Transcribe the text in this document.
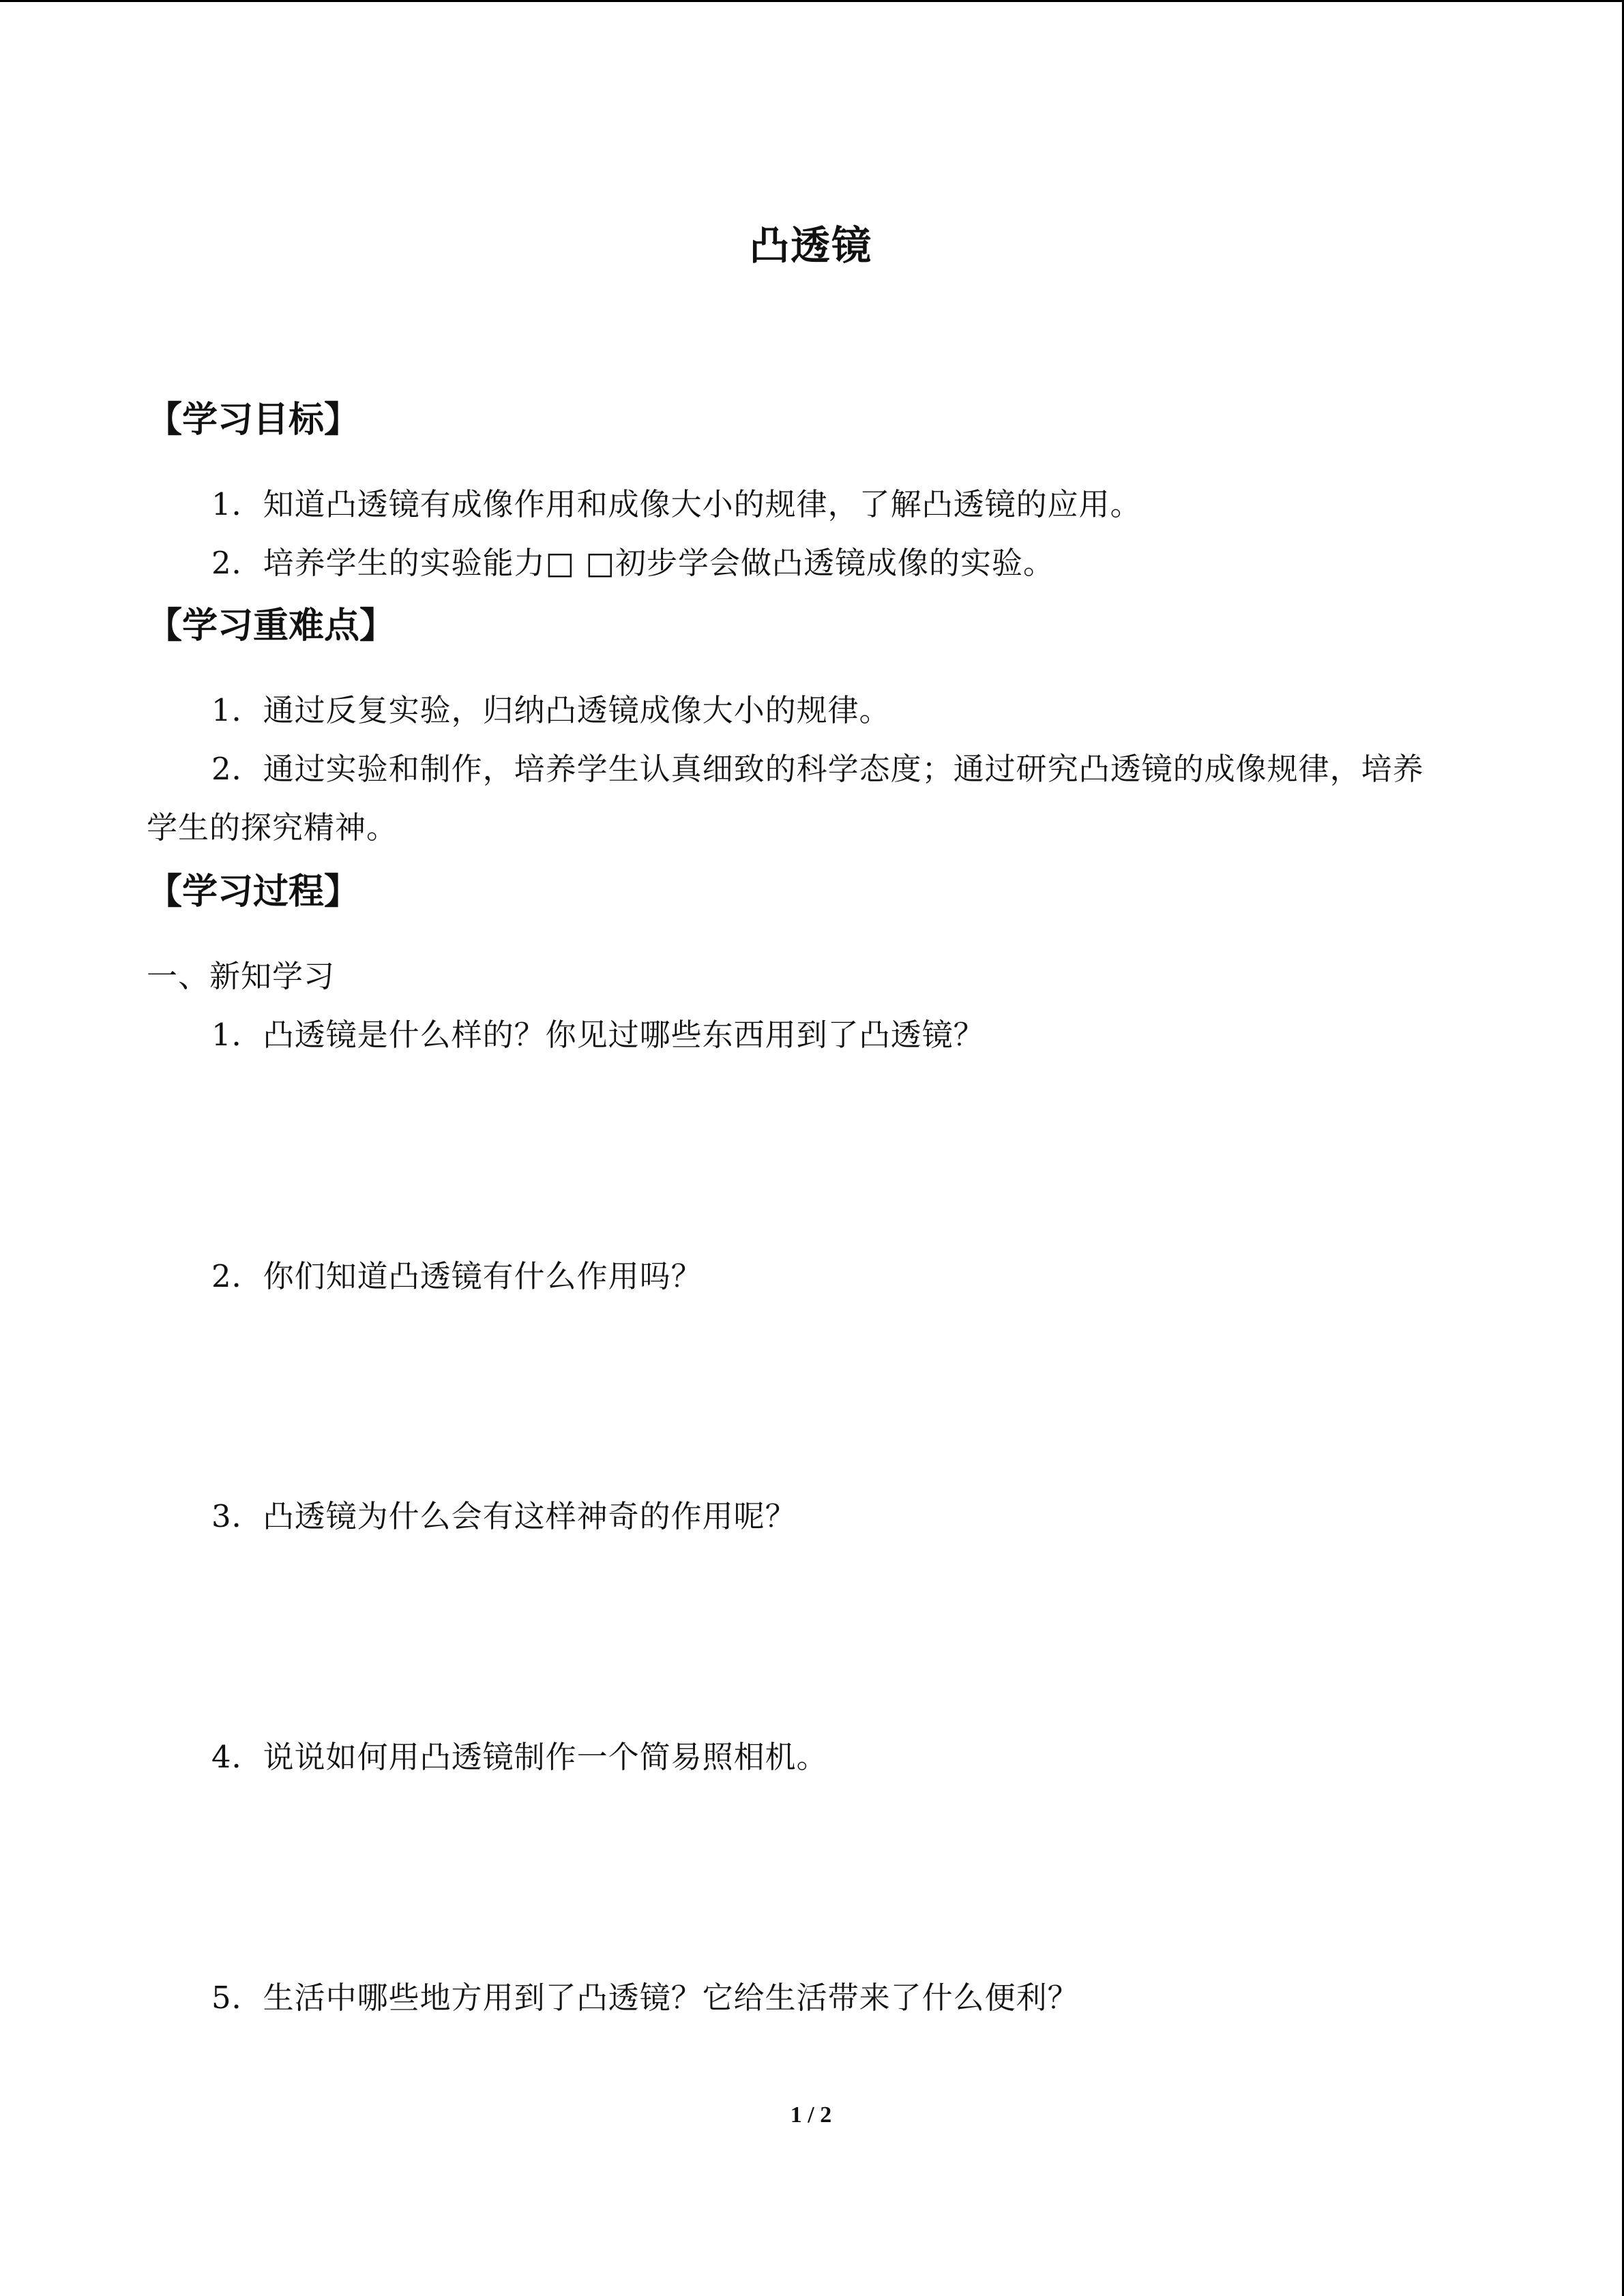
凸透镜
【学习目标】
1．知道凸透镜有成像作用和成像大小的规律，了解凸透镜的应用。
2．培养学生的实验能力□ □初步学会做凸透镜成像的实验。
【学习重难点】
1．通过反复实验，归纳凸透镜成像大小的规律。
2．通过实验和制作，培养学生认真细致的科学态度；通过研究凸透镜的成像规律，培养
学生的探究精神。
【学习过程】
一、新知学习
1．凸透镜是什么样的？你见过哪些东西用到了凸透镜？
2．你们知道凸透镜有什么作用吗？
3．凸透镜为什么会有这样神奇的作用呢？
4．说说如何用凸透镜制作一个简易照相机。
5．生活中哪些地方用到了凸透镜？它给生活带来了什么便利？
1 / 2
